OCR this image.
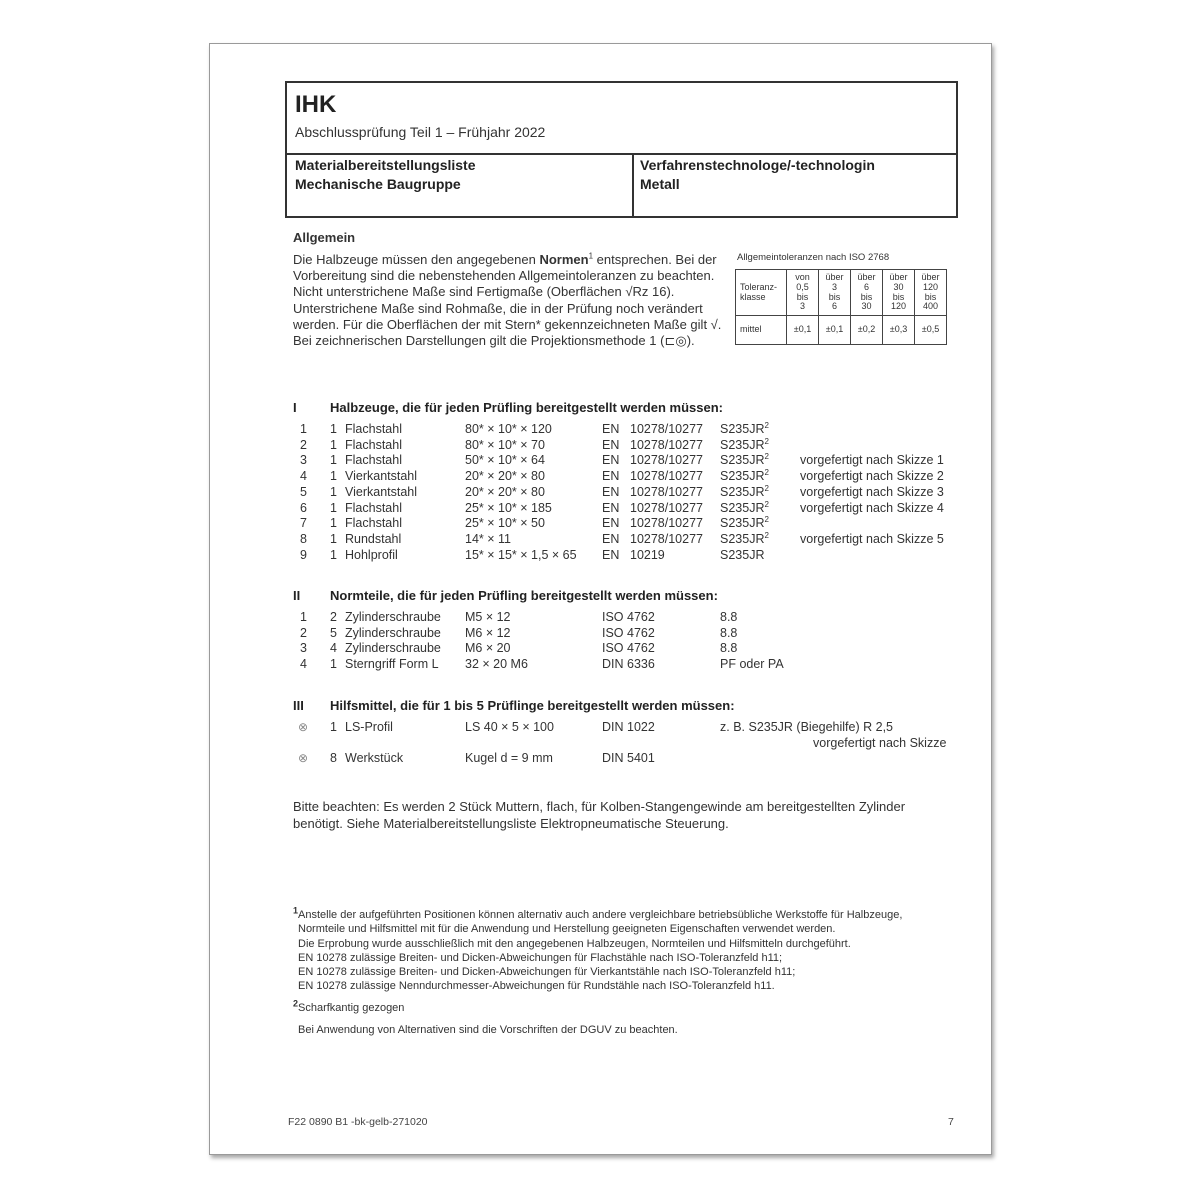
IHK
Abschlussprüfung Teil 1 – Frühjahr 2022
Materialbereitstellungsliste
Mechanische Baugruppe
Verfahrenstechnologe/-technologin
Metall
Allgemein

Die Halbzeuge müssen den angegebenen Normen$^1$ entsprechen. Bei der

Vorbereitung sind die nebenstehenden Allgemeintoleranzen zu beachten.

Nicht unterstrichene Maße sind Fertigmaße (Oberflächen √Rz 16).

Unterstrichene Maße sind Rohmaße, die in der Prüfung noch verändert

werden. Für die Oberflächen der mit Stern* gekennzeichneten Maße gilt √.

Bei zeichnerischen Darstellungen gilt die Projektionsmethode 1 (⊏◎).

Allgemeintoleranzen nach ISO 2768
Toleranz-
klasse	von
0,5
bis
3	über
3
bis
6	über
6
bis
30	über
30
bis
120	über
120
bis
400
mittel	±0,1	±0,1	±0,2	±0,3	±0,5
I	Halbzeuge, die für jeden Prüfling bereitgestellt werden müssen:
1 1 Flachstahl	80* × 10* × 120	EN 10278/10277 $S235JR^2$
2 1 Flachstahl	80* × 10* × 70	EN 10278/10277 $S235JR^2$
3 1 Flachstahl	50* × 10* × 64	EN 10278/10277 $S235JR^2$ vorgefertigt nach Skizze 1
4 1 Vierkantstahl	20* × 20* × 80	EN 10278/10277 $S235JR^2$ vorgefertigt nach Skizze 2
5 1 Vierkantstahl	20* × 20* × 80	EN 10278/10277 $S235JR^2$ vorgefertigt nach Skizze 3
6 1 Flachstahl	25* × 10* × 185	EN 10278/10277 $S235JR^2$ vorgefertigt nach Skizze 4
7 1 Flachstahl	25* × 10* × 50	EN 10278/10277 $S235JR^2$
8 1 Rundstahl	14* × 11	EN 10278/10277 $S235JR^2$ vorgefertigt nach Skizze 5
9 1 Hohlprofil	15* × 15* × 1,5 × 65 EN 10219	S235JR
II Normteile, die für jeden Prüfling bereitgestellt werden müssen:
1 2 Zylinderschraube M5 × 12	ISO 4762	8.8
2 5 Zylinderschraube M6 × 12	ISO 4762	8.8
3 4 Zylinderschraube M6 × 20	ISO 4762	8.8
4 1 Sterngriff Form L 32 × 20 M6	DIN 6336	PF oder PA
III Hilfsmittel, die für 1 bis 5 Prüflinge bereitgestellt werden müssen:
⊗ 1 LS-Profil	LS 40 × 5 × 100	DIN 1022	z. B. S235JR (Biegehilfe) R 2,5
vorgefertigt nach Skizze
⊗ 8 Werkstück	Kugel d = 9 mm	DIN 5401
Bitte beachten: Es werden 2 Stück Muttern, flach, für Kolben-Stangengewinde am bereitgestellten Zylinder
benötigt. Siehe Materialbereitstellungsliste Elektropneumatische Steuerung.

$^1$Anstelle der aufgeführten Positionen können alternativ auch andere vergleichbare betriebsübliche Werkstoffe für Halbzeuge,

Normteile und Hilfsmittel mit für die Anwendung und Herstellung geeigneten Eigenschaften verwendet werden.

Die Erprobung wurde ausschließlich mit den angegebenen Halbzeugen, Normteilen und Hilfsmitteln durchgeführt.

EN 10278 zulässige Breiten- und Dicken-Abweichungen für Flachstähle nach ISO-Toleranzfeld h11;

EN 10278 zulässige Breiten- und Dicken-Abweichungen für Vierkantstähle nach ISO-Toleranzfeld h11;

EN 10278 zulässige Nenndurchmesser-Abweichungen für Rundstähle nach ISO-Toleranzfeld h11.

$^2$Scharfkantig gezogen

Bei Anwendung von Alternativen sind die Vorschriften der DGUV zu beachten.
F22 0890 B1 -bk-gelb-271020	7
